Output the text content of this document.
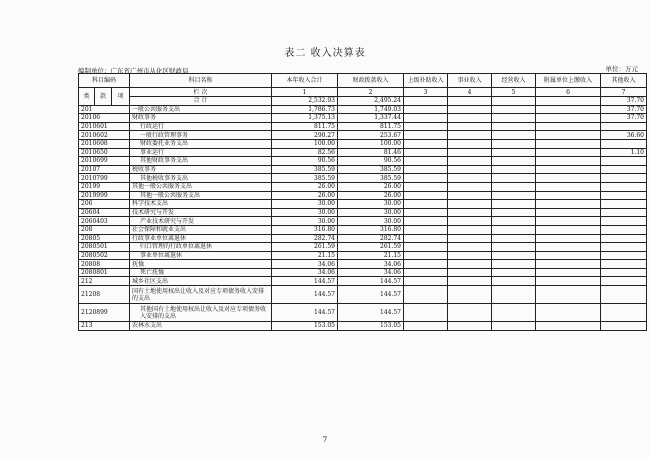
表二 收入决算表
编制单位：广东省广州市从化区财政局	单位：万元
科目编码			科目名称	本年收入合计	财政拨款收入	上级补助收入	事业收入	经营收入	附属单位上缴收入	其他收入
类	款	项	栏 次	1	2	3	4	5	6	7
			合 计	2,532.93	2,495.24					37.70
201			一般公共服务支出	1,786.73	1,749.03					37.70
20106			财政事务	1,375.13	1,337.44					37.70
2010601			行政运行	811.75	811.75					
2010602			一般行政管理事务	290.27	253.67					36.60
2010608			财政委托业务支出	100.00	100.00					
2010650			事业运行	82.56	81.46					1.10
2010699			其他财政事务支出	90.56	90.56					
20107			税收事务	385.59	385.59					
2010799			其他税收事务支出	385.59	385.59					
20199			其他一般公共服务支出	26.00	26.00					
2019999			其他一般公共服务支出	26.00	26.00					
206			科学技术支出	30.00	30.00					
20604			技术研究与开发	30.00	30.00					
2060403			产业技术研究与开发	30.00	30.00					
208			社会保障和就业支出	316.80	316.80					
20805			行政事业单位离退休	282.74	282.74					
2080501			归口管理的行政单位离退休	261.59	261.59					
2080502			事业单位离退休	21.15	21.15					
20808			抚恤	34.06	34.06					
2080801			死亡抚恤	34.06	34.06					
212			城乡社区支出	144.57	144.57					
21208			国有土地使用权出让收入及对应专项债务收入安排的支出	144.57	144.57					
2120899			其他国有土地使用权出让收入及对应专项债务收入安排的支出	144.57	144.57					
213			农林水支出	153.05	153.05					
7
